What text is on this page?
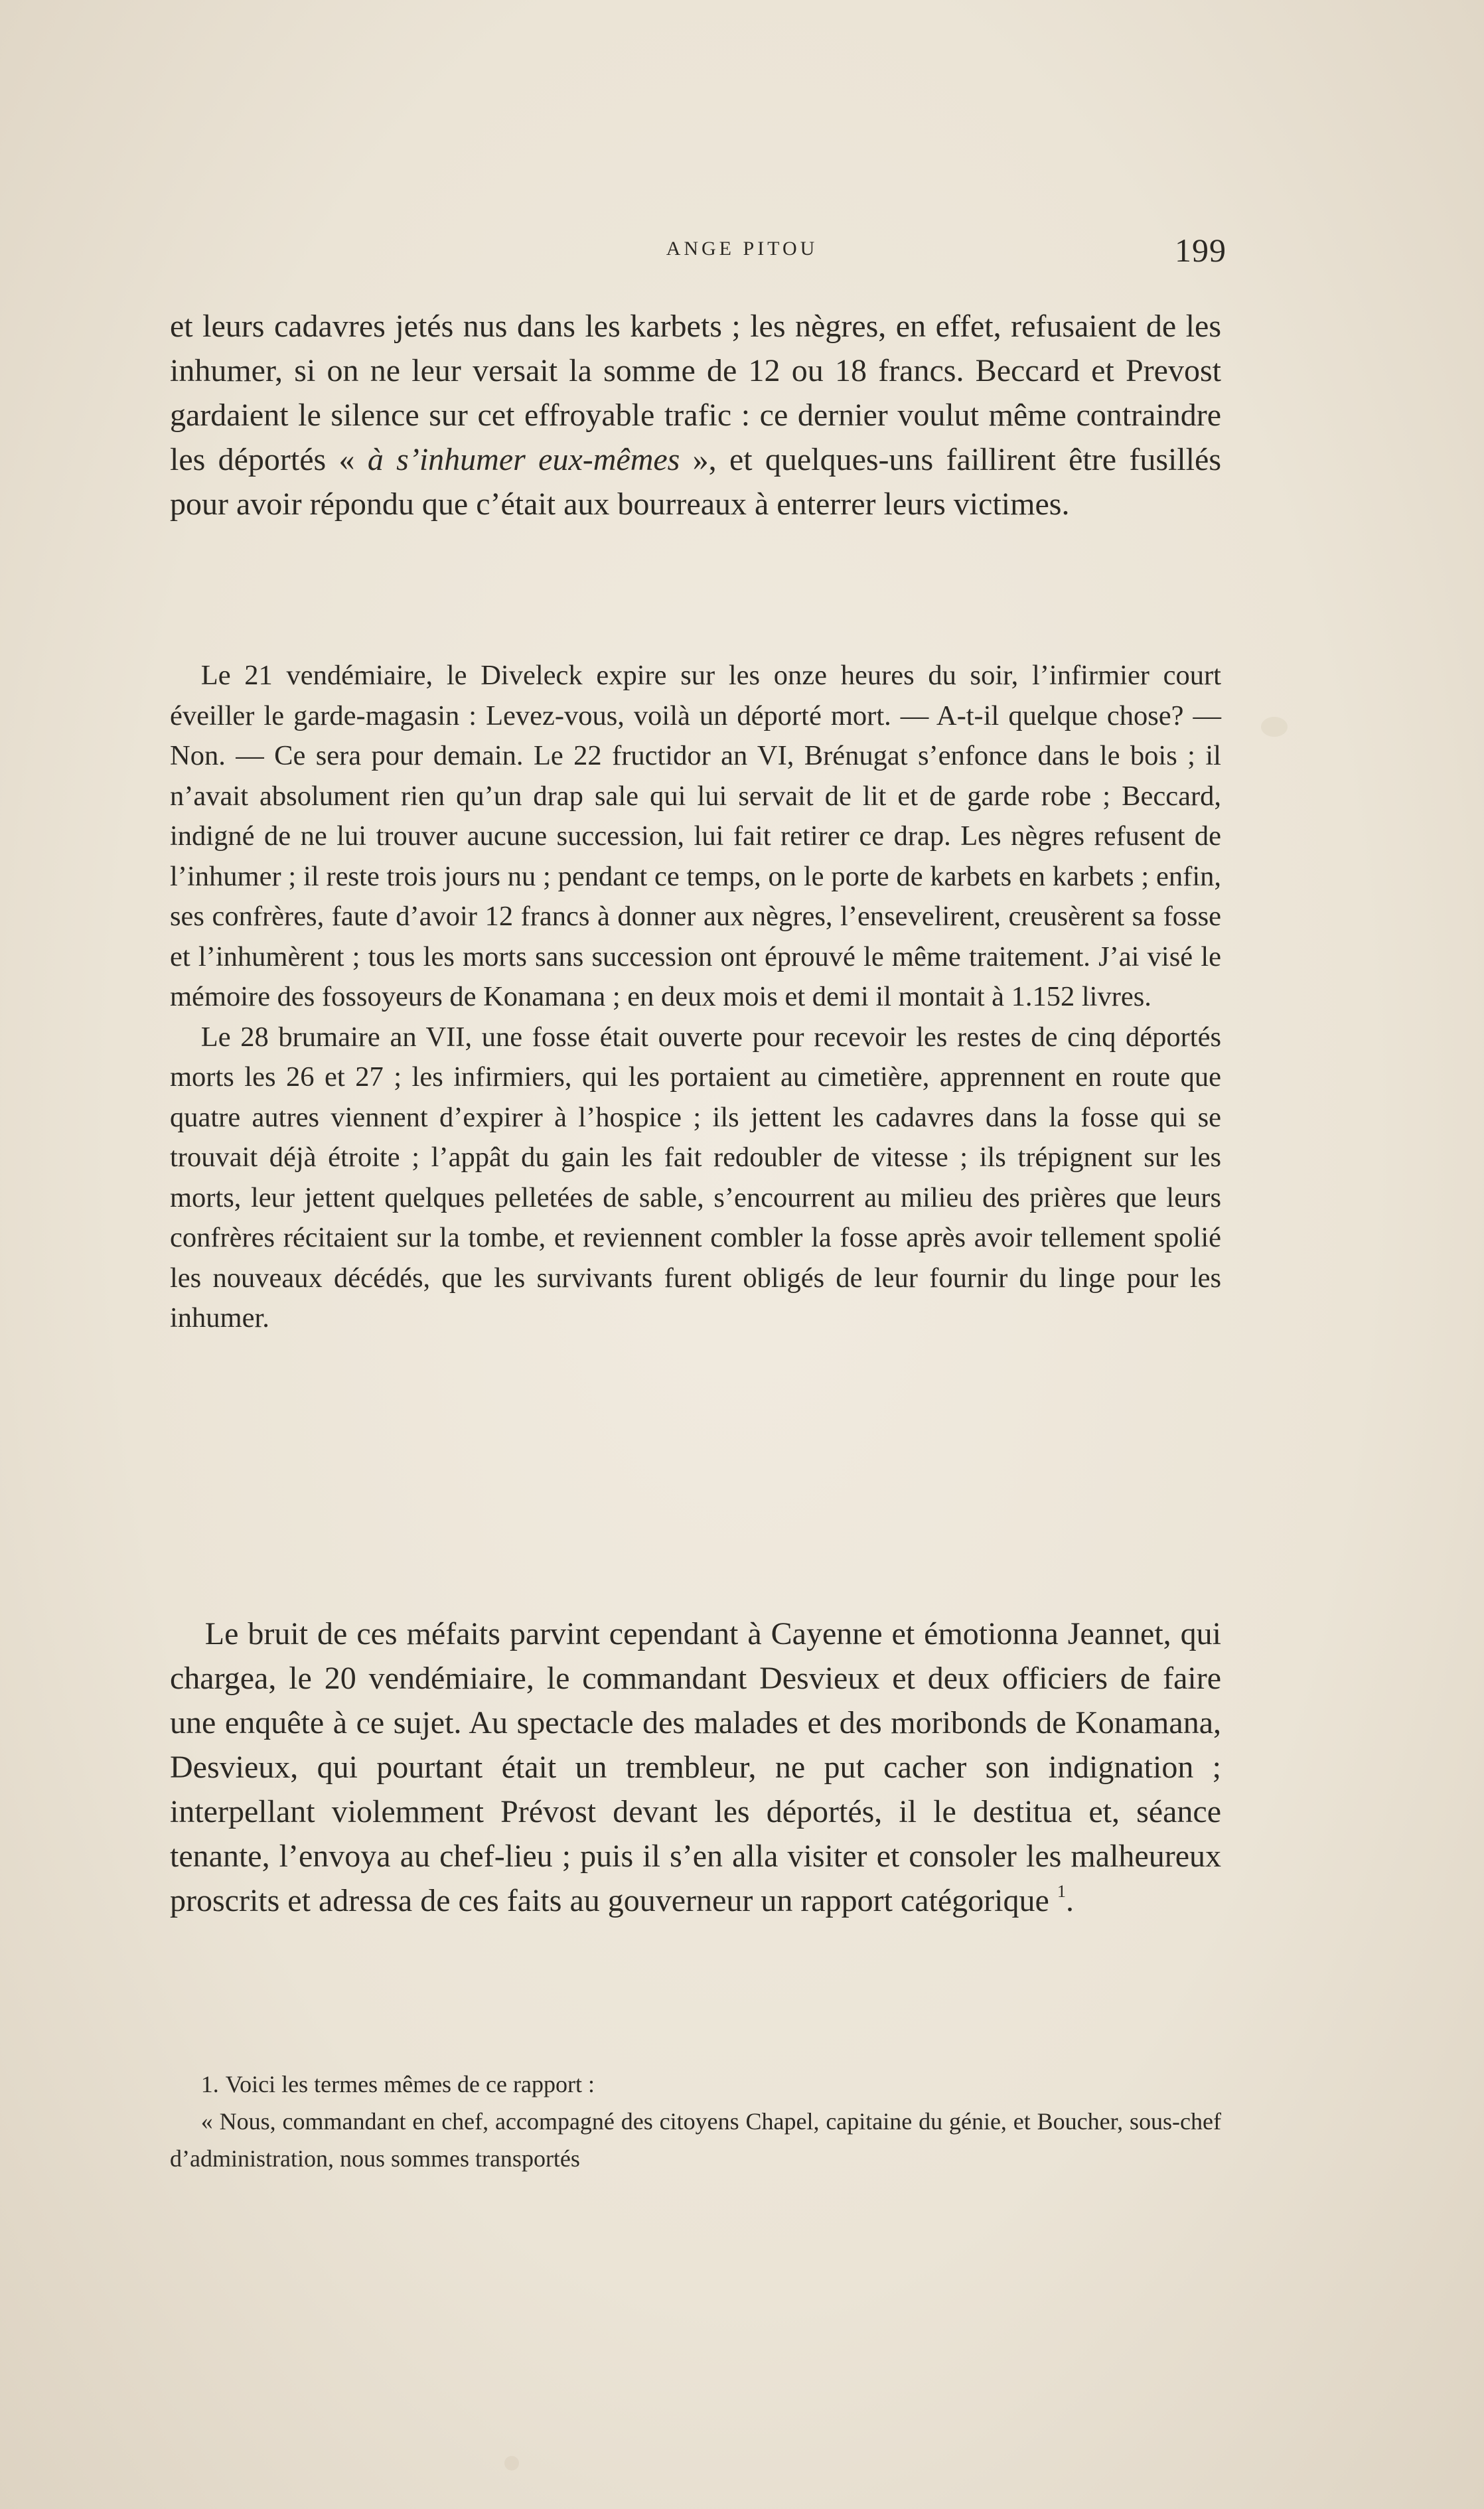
ANGE PITOU	199

et leurs cadavres jetés nus dans les karbets ; les nègres, en effet, refusaient de les inhumer, si on ne leur versait la somme de 12 ou 18 francs. Beccard et Prevost gardaient le silence sur cet effroyable trafic : ce dernier voulut même contraindre les déportés « à s’inhumer eux-mêmes », et quelques-uns faillirent être fusillés pour avoir répondu que c’était aux bourreaux à enterrer leurs victimes.

Le 21 vendémiaire, le Diveleck expire sur les onze heures du soir, l’infirmier court éveiller le garde-magasin : Levez-vous, voilà un déporté mort. — A-t-il quelque chose? — Non. — Ce sera pour demain. Le 22 fructidor an VI, Brénugat s’enfonce dans le bois ; il n’avait absolument rien qu’un drap sale qui lui servait de lit et de garde robe ; Beccard, indigné de ne lui trouver aucune succession, lui fait retirer ce drap. Les nègres refusent de l’inhumer ; il reste trois jours nu ; pendant ce temps, on le porte de karbets en karbets ; enfin, ses confrères, faute d’avoir 12 francs à donner aux nègres, l’ensevelirent, creusèrent sa fosse et l’inhumèrent ; tous les morts sans succession ont éprouvé le même traitement. J’ai visé le mémoire des fossoyeurs de Konamana ; en deux mois et demi il montait à 1.152 livres.

Le 28 brumaire an VII, une fosse était ouverte pour recevoir les restes de cinq déportés morts les 26 et 27 ; les infirmiers, qui les portaient au cimetière, apprennent en route que quatre autres viennent d’expirer à l’hospice ; ils jettent les cadavres dans la fosse qui se trouvait déjà étroite ; l’appât du gain les fait redoubler de vitesse ; ils trépignent sur les morts, leur jettent quelques pelletées de sable, s’encourrent au milieu des prières que leurs confrères récitaient sur la tombe, et reviennent combler la fosse après avoir tellement spolié les nouveaux décédés, que les survivants furent obligés de leur fournir du linge pour les inhumer.

Le bruit de ces méfaits parvint cependant à Cayenne et émotionna Jeannet, qui chargea, le 20 vendémiaire, le commandant Desvieux et deux officiers de faire une enquête à ce sujet. Au spectacle des malades et des moribonds de Konamana, Desvieux, qui pourtant était un trembleur, ne put cacher son indignation ; interpellant violemment Prévost devant les déportés, il le destitua et, séance tenante, l’envoya au chef-lieu ; puis il s’en alla visiter et consoler les malheureux proscrits et adressa de ces faits au gouverneur un rapport catégorique $^1$.

1. Voici les termes mêmes de ce rapport :

« Nous, commandant en chef, accompagné des citoyens Chapel, capitaine du génie, et Boucher, sous-chef d’administration, nous sommes transportés
